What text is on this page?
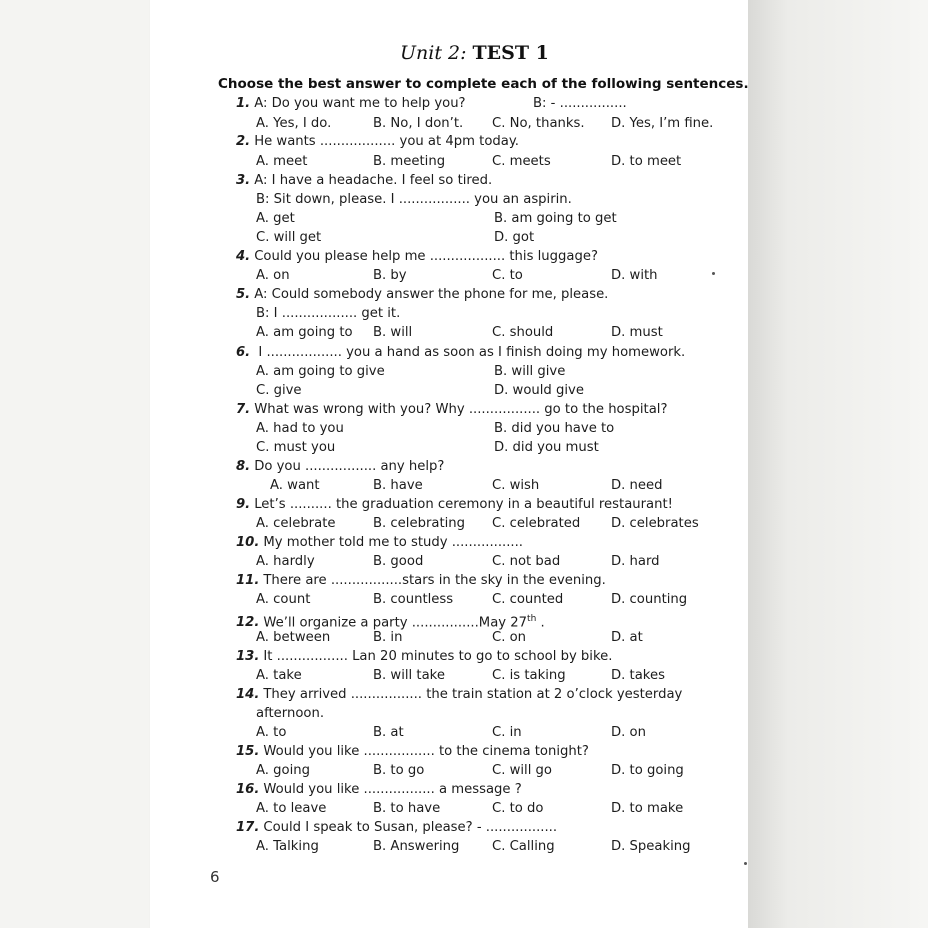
Unit 2: TEST 1
Choose the best answer to complete each of the following sentences.
1. A: Do you want me to help you?	B: - ................
A. Yes, I do.	B. No, I don’t. C. No, thanks. D. Yes, I’m fine.
2. He wants .................. you at 4pm today.
A. meet	B. meeting	C. meets	D. to meet
3. A: I have a headache. I feel so tired.
B: Sit down, please. I ................. you an aspirin.
A. get	B. am going to get
C. will get	D. got
4. Could you please help me .................. this luggage?
A. on	B. by	C. to	D. with
5. A: Could somebody answer the phone for me, please.
B: I .................. get it.
A. am going to B. will	C. should	D. must
6. I .................. you a hand as soon as I finish doing my homework.
A. am going to give	B. will give
C. give	D. would give
7. What was wrong with you? Why ................. go to the hospital?
A. had to you	B. did you have to
C. must you	D. did you must
8. Do you ................. any help?
A. want	B. have	C. wish	D. need
9. Let’s .......... the graduation ceremony in a beautiful restaurant!
A. celebrate	B. celebrating C. celebrated D. celebrates
10. My mother told me to study .................
A. hardly	B. good	C. not bad	D. hard
11. There are .................stars in the sky in the evening.
A. count	B. countless	C. counted	D. counting
12. We’ll organize a party ................May 27th .
A. between	B. in	C. on	D. at
13. It ................. Lan 20 minutes to go to school by bike.
A. take	B. will take	C. is taking	D. takes
14. They arrived ................. the train station at 2 o’clock yesterday
afternoon.
A. to	B. at	C. in	D. on
15. Would you like ................. to the cinema tonight?
A. going	B. to go	C. will go	D. to going
16. Would you like ................. a message ?
A. to leave	B. to have	C. to do	D. to make
17. Could I speak to Susan, please? - .................
A. Talking	B. Answering C. Calling	D. Speaking
6
